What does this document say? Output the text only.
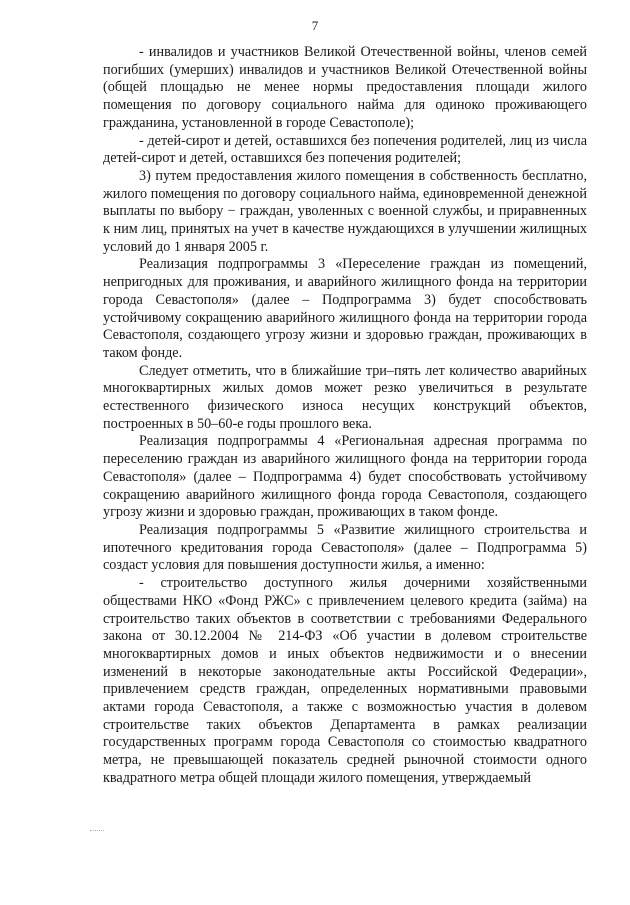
7

- инвалидов и участников Великой Отечественной войны, членов семей погибших (умерших) инвалидов и участников Великой Отечественной войны (общей площадью не менее нормы предоставления площади жилого помещения по договору социального найма для одиноко проживающего гражданина, установленной в городе Севастополе);

- детей-сирот и детей, оставшихся без попечения родителей, лиц из числа детей-сирот и детей, оставшихся без попечения родителей;

3) путем предоставления жилого помещения в собственность бесплатно, жилого помещения по договору социального найма, единовременной денежной выплаты по выбору − граждан, уволенных с военной службы, и приравненных к ним лиц, принятых на учет в качестве нуждающихся в улучшении жилищных условий до 1 января 2005 г.

Реализация подпрограммы 3 «Переселение граждан из помещений, непригодных для проживания, и аварийного жилищного фонда на территории города Севастополя» (далее – Подпрограмма 3) будет способствовать устойчивому сокращению аварийного жилищного фонда на территории города Севастополя, создающего угрозу жизни и здоровью граждан, проживающих в таком фонде.

Следует отметить, что в ближайшие три–пять лет количество аварийных многоквартирных жилых домов может резко увеличиться в результате естественного физического износа несущих конструкций объектов, построенных в 50–60-е годы прошлого века.

Реализация подпрограммы 4 «Региональная адресная программа по переселению граждан из аварийного жилищного фонда на территории города Севастополя» (далее – Подпрограмма 4) будет способствовать устойчивому сокращению аварийного жилищного фонда города Севастополя, создающего угрозу жизни и здоровью граждан, проживающих в таком фонде.

Реализация подпрограммы 5 «Развитие жилищного строительства и ипотечного кредитования города Севастополя» (далее – Подпрограмма 5) создаст условия для повышения доступности жилья, а именно:

- строительство доступного жилья дочерними хозяйственными обществами НКО «Фонд РЖС» с привлечением целевого кредита (займа) на строительство таких объектов в соответствии с требованиями Федерального закона от 30.12.2004 № 214-ФЗ «Об участии в долевом строительстве многоквартирных домов и иных объектов недвижимости и о внесении изменений в некоторые законодательные акты Российской Федерации», привлечением средств граждан, определенных нормативными правовыми актами города Севастополя, а также с возможностью участия в долевом строительстве таких объектов Департамента в рамках реализации государственных программ города Севастополя со стоимостью квадратного метра, не превышающей показатель средней рыночной стоимости одного квадратного метра общей площади жилого помещения, утверждаемый
